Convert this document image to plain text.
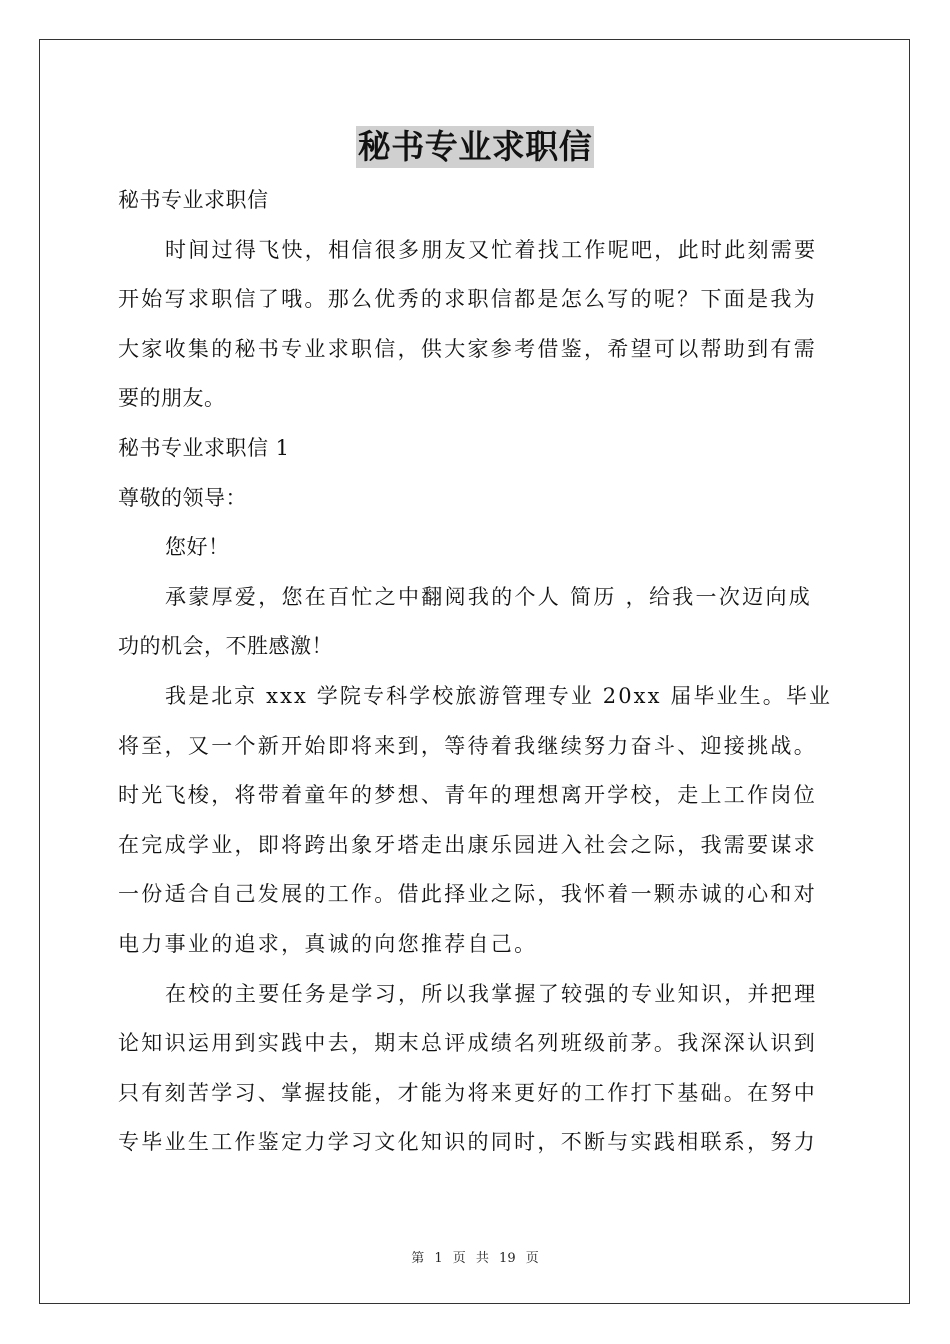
秘书专业求职信
秘书专业求职信
时间过得飞快，相信很多朋友又忙着找工作呢吧，此时此刻需要
开始写求职信了哦。那么优秀的求职信都是怎么写的呢？下面是我为
大家收集的秘书专业求职信，供大家参考借鉴，希望可以帮助到有需
要的朋友。
秘书专业求职信 1
尊敬的领导：
您好！
承蒙厚爱，您在百忙之中翻阅我的个人 简历 ，给我一次迈向成
功的机会，不胜感激！
我是北京 xxx 学院专科学校旅游管理专业 20xx 届毕业生。毕业
将至，又一个新开始即将来到，等待着我继续努力奋斗、迎接挑战。
时光飞梭，将带着童年的梦想、青年的理想离开学校，走上工作岗位
在完成学业，即将跨出象牙塔走出康乐园进入社会之际，我需要谋求
一份适合自己发展的工作。借此择业之际，我怀着一颗赤诚的心和对
电力事业的追求，真诚的向您推荐自己。
在校的主要任务是学习，所以我掌握了较强的专业知识，并把理
论知识运用到实践中去，期末总评成绩名列班级前茅。我深深认识到
只有刻苦学习、掌握技能，才能为将来更好的工作打下基础。在努中
专毕业生工作鉴定力学习文化知识的同时，不断与实践相联系，努力
第 1 页 共 19 页
